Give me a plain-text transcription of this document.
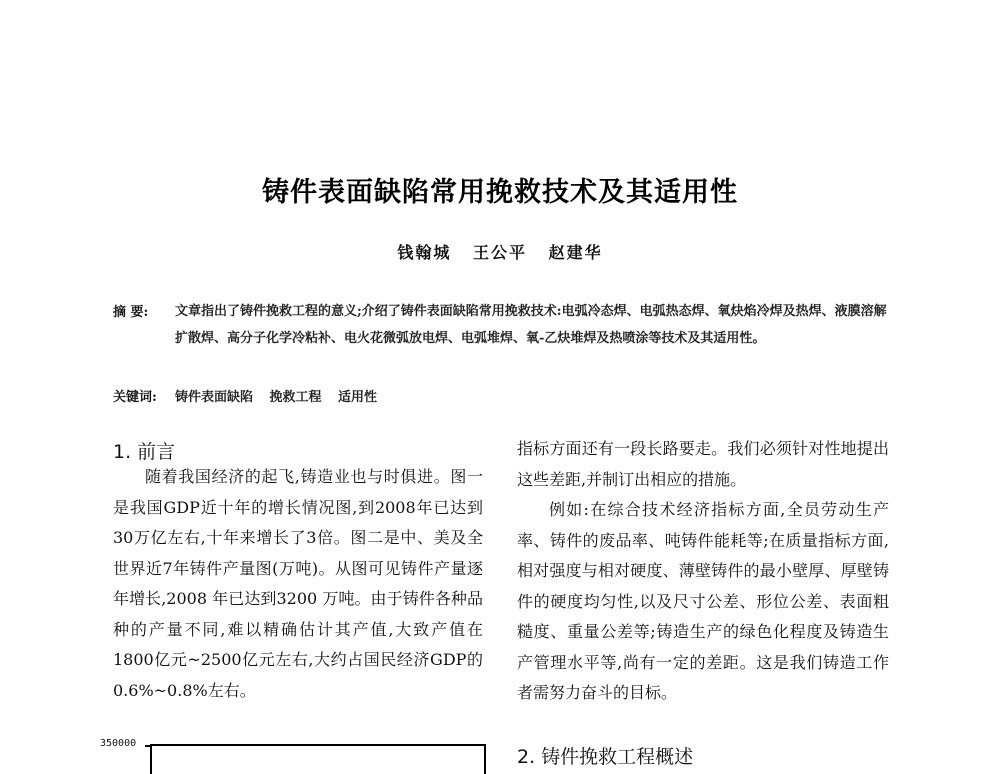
铸件表面缺陷常用挽救技术及其适用性
钱翰城 王公平 赵建华
摘 要: 文章指出了铸件挽救工程的意义;介绍了铸件表面缺陷常用挽救技术:电弧冷态焊、电弧热态焊、氧炔焰冷焊及热焊、液膜溶解扩散焊、高分子化学冷粘补、电火花微弧放电焊、电弧堆焊、氧-乙炔堆焊及热喷涂等技术及其适用性。
关键词: 铸件表面缺陷 挽救工程 适用性
1. 前言

随着我国经济的起飞,铸造业也与时俱进。图一是我国GDP近十年的增长情况图,到2008年已达到30万亿左右,十年来增长了3倍。图二是中、美及全世界近7年铸件产量图(万吨)。从图可见铸件产量逐年增长,2008 年已达到3200 万吨。由于铸件各种品种的产量不同,难以精确估计其产值,大致产值在1800亿元~2500亿元左右,大约占国民经济GDP的0.6%~0.8%左右。

指标方面还有一段长路要走。我们必须针对性地提出这些差距,并制订出相应的措施。

例如:在综合技术经济指标方面,全员劳动生产率、铸件的废品率、吨铸件能耗等;在质量指标方面,相对强度与相对硬度、薄壁铸件的最小壁厚、厚壁铸件的硬度均匀性,以及尺寸公差、形位公差、表面粗糙度、重量公差等;铸造生产的绿色化程度及铸造生产管理水平等,尚有一定的差距。这是我们铸造工作者需努力奋斗的目标。

2. 铸件挽救工程概述
350000
